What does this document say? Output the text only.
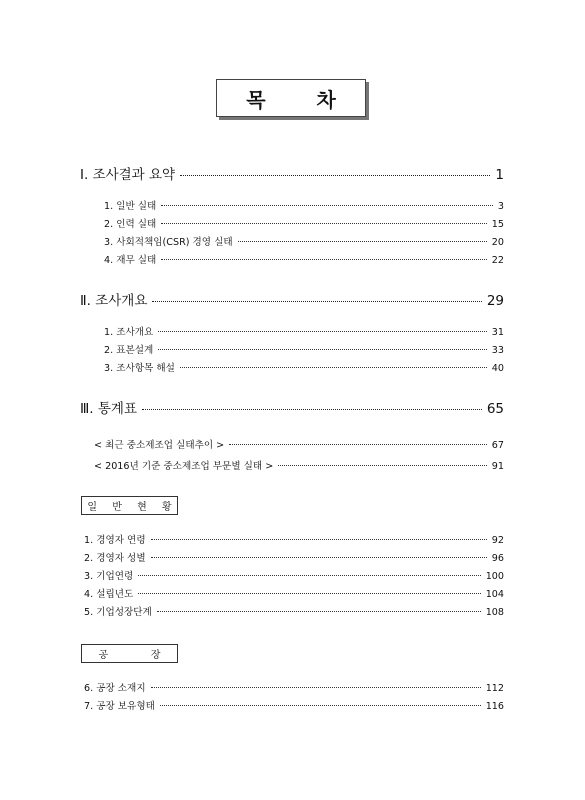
목 차
Ⅰ. 조사결과 요약	1
1. 일반 실태	3
2. 인력 실태	15
3. 사회적책임(CSR) 경영 실태	20
4. 재무 실태	22
Ⅱ. 조사개요	29
1. 조사개요	31
2. 표본설계	33
3. 조사항목 해설	40
Ⅲ. 통계표	65
< 최근 중소제조업 실태추이 >	67
< 2016년 기준 중소제조업 부문별 실태 >	91
일 반 현 황
1. 경영자 연령	92
2. 경영자 성별	96
3. 기업연령	100
4. 설립년도	104
5. 기업성장단계	108
공    장
6. 공장 소재지	112
7. 공장 보유형태	116
